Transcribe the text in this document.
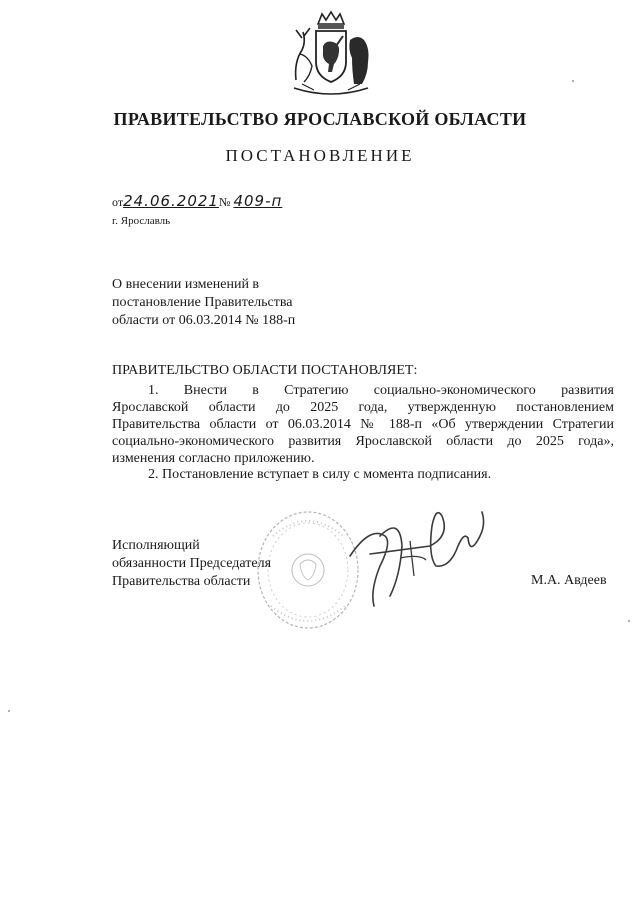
ПРАВИТЕЛЬСТВО ЯРОСЛАВСКОЙ ОБЛАСТИ
ПОСТАНОВЛЕНИЕ
от24.06.2021№ 409-п
г. Ярославль
О внесении изменений в
постановление Правительства
области от 06.03.2014 № 188-п
ПРАВИТЕЛЬСТВО ОБЛАСТИ ПОСТАНОВЛЯЕТ:
1. Внести в Стратегию социально-экономического развития
Ярославской области до 2025 года, утвержденную постановлением
Правительства области от 06.03.2014 № 188-п «Об утверждении Стратегии
социально-экономического развития Ярославской области до 2025 года»,
изменения согласно приложению.
2. Постановление вступает в силу с момента подписания.
Исполняющий
обязанности Председателя
Правительства области	М.А. Авдеев
